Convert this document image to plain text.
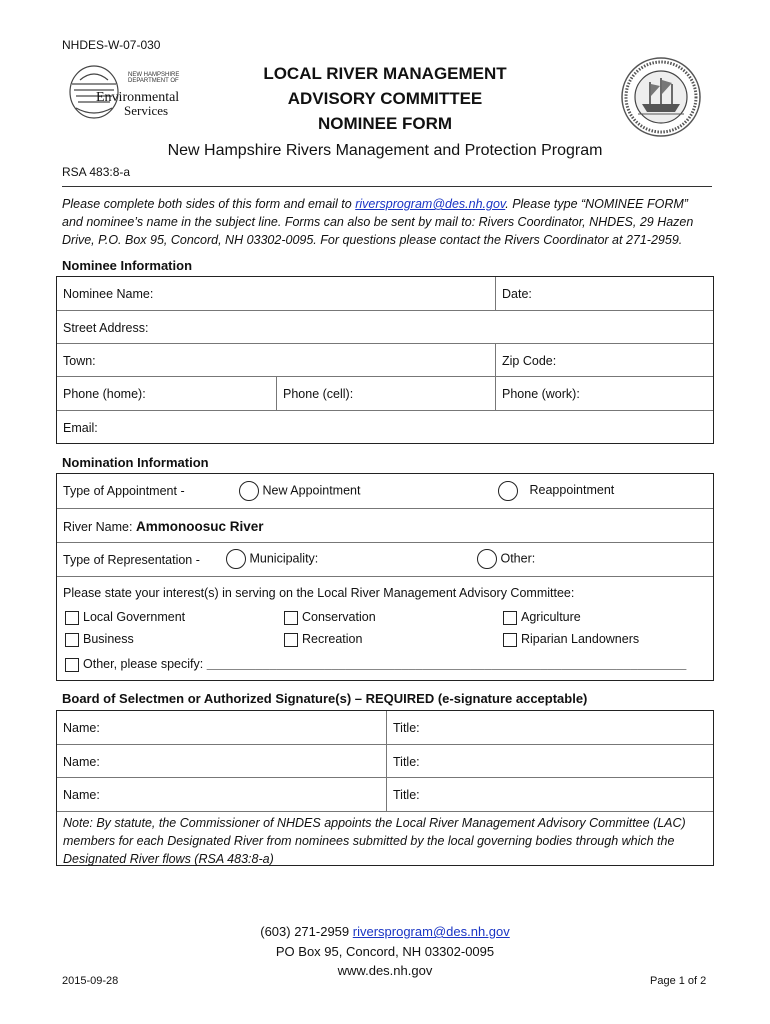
NHDES-W-07-030
NEW HAMPSHIRE
DEPARTMENT OF
Environmental
Services
LOCAL RIVER MANAGEMENT
ADVISORY COMMITTEE
NOMINEE FORM
New Hampshire Rivers Management and Protection Program
RSA 483:8-a
Please complete both sides of this form and email to riversprogram@des.nh.gov. Please type “NOMINEE FORM” and nominee’s name in the subject line. Forms can also be sent by mail to: Rivers Coordinator, NHDES, 29 Hazen Drive, P.O. Box 95, Concord, NH 03302-0095. For questions please contact the Rivers Coordinator at 271-2959.
Nominee Information
Nominee Name:	Date:
Street Address:
Town:	Zip Code:
Phone (home):	Phone (cell):	Phone (work):
Email:
Nomination Information
Type of Appointment -	New Appointment	Reappointment
River Name: Ammonoosuc River
Type of Representation -	Municipality:	Other:
Please state your interest(s) in serving on the Local River Management Advisory Committee:
Local Government	Conservation	Agriculture
Business	Recreation	Riparian Landowners
Other, please specify: _____________________________________________________________________
Board of Selectmen or Authorized Signature(s) – REQUIRED (e-signature acceptable)
Name:	Title:
Name:	Title:
Name:	Title:
Note: By statute, the Commissioner of NHDES appoints the Local River Management Advisory Committee (LAC) members for each Designated River from nominees submitted by the local governing bodies through which the Designated River flows (RSA 483:8-a)
(603) 271-2959 riversprogram@des.nh.gov
PO Box 95, Concord, NH 03302-0095
www.des.nh.gov
2015-09-28	Page 1 of 2
